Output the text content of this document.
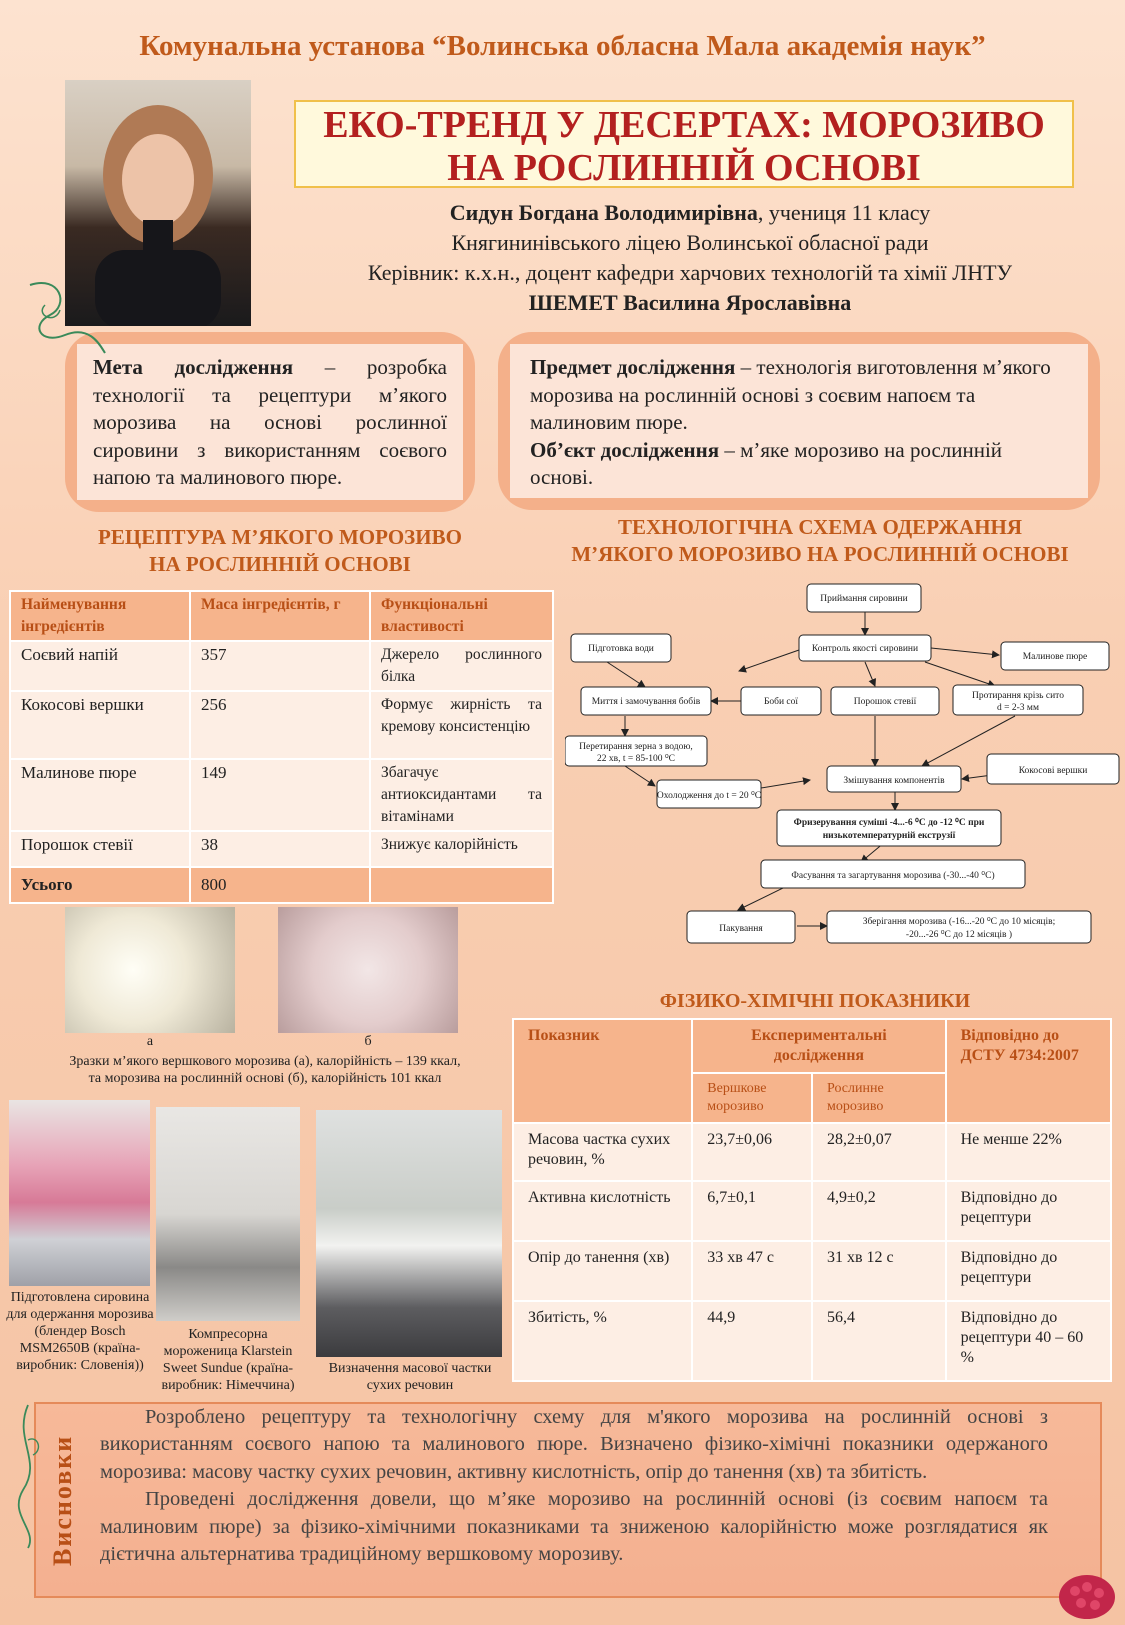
Комунальна установа “Волинська обласна Мала академія наук”
ЕКО-ТРЕНД У ДЕСЕРТАХ: МОРОЗИВО
НА РОСЛИННІЙ ОСНОВІ
Сидун Богдана Володимирівна, учениця 11 класу
Княгининівського ліцею Волинської обласної ради
Керівник: к.х.н., доцент кафедри харчових технологій та хімії ЛНТУ
ШЕМЕТ Василина Ярославівна
Мета дослідження – розробка технології та рецептури м’якого морозива на основі рослинної сировини з використанням соєвого напою та малинового пюре.
Предмет дослідження – технологія виготовлення м’якого морозива на рослинній основі з соєвим напоєм та малиновим пюре.
Об’єкт дослідження – м’яке морозиво на рослинній основі.
РЕЦЕПТУРА М’ЯКОГО МОРОЗИВО
НА РОСЛИННІЙ ОСНОВІ
Найменування інгредієнтів	Маса інгредієнтів, г	Функціональні властивості
Соєвий напій	357	Джерело рослинного білка
Кокосові вершки	256	Формує жирність та кремову консистенцію
Малинове пюре	149	Збагачує антиоксидантами та вітамінами
Порошок стевії	38	Знижує калорійність
Усього	800	
а	б
Зразки м’якого вершкового морозива (а), калорійність – 139 ккал,
та морозива на рослинній основі (б), калорійність 101 ккал
Підготовлена сировина для одержання морозива (блендер Bosch MSM2650B (країна-виробник: Словенія))
Компресорна мороженица Klarstein Sweet Sundue (країна-виробник: Німеччина)
Визначення масової частки сухих речовин
ТЕХНОЛОГІЧНА СХЕМА ОДЕРЖАННЯ
М’ЯКОГО МОРОЗИВО НА РОСЛИННІЙ ОСНОВІ
Приймання сировини
Підготовка води	Контроль якості сировини
Малинове пюре
Миття і замочування бобів	Боби сої	Порошок стевії
Протирання крізь сито
d = 2-3 мм
Перетирання зерна з водою,
22 хв, t = 85-100 ⁰С
Змішування компонентів
Кокосові вершки
Охолодження до t = 20 ⁰С
Фризерування суміші -4...-6 ⁰С до -12 ⁰С при
низькотемпературній екструзії
Фасування та загартування морозива (-30...-40 ⁰С)
Пакування
Зберігання морозива (-16...-20 ⁰С до 10 місяців;
-20...-26 ⁰С до 12 місяців )
ФІЗИКО-ХІМІЧНІ ПОКАЗНИКИ
Показник	Експериментальні дослідження		Відповідно до ДСТУ 4734:2007
	Вершкове морозиво	Рослинне морозиво	
Масова частка сухих речовин, %	23,7±0,06	28,2±0,07	Не менше 22%
Активна кислотність	6,7±0,1	4,9±0,2	Відповідно до рецептури
Опір до танення (хв)	33 хв 47 с	31 хв 12 с	Відповідно до рецептури
Збитість, %	44,9	56,4	Відповідно до рецептури 40 – 60 %
Висновки

Розроблено рецептуру та технологічну схему для м'якого морозива на рослинній основі з використанням соєвого напою та малинового пюре. Визначено фізико-хімічні показники одержаного морозива: масову частку сухих речовин, активну кислотність, опір до танення (хв) та збитість.

Проведені дослідження довели, що м’яке морозиво на рослинній основі (із соєвим напоєм та малиновим пюре) за фізико-хімічними показниками та зниженою калорійністю може розглядатися як дієтична альтернатива традиційному вершковому морозиву.
